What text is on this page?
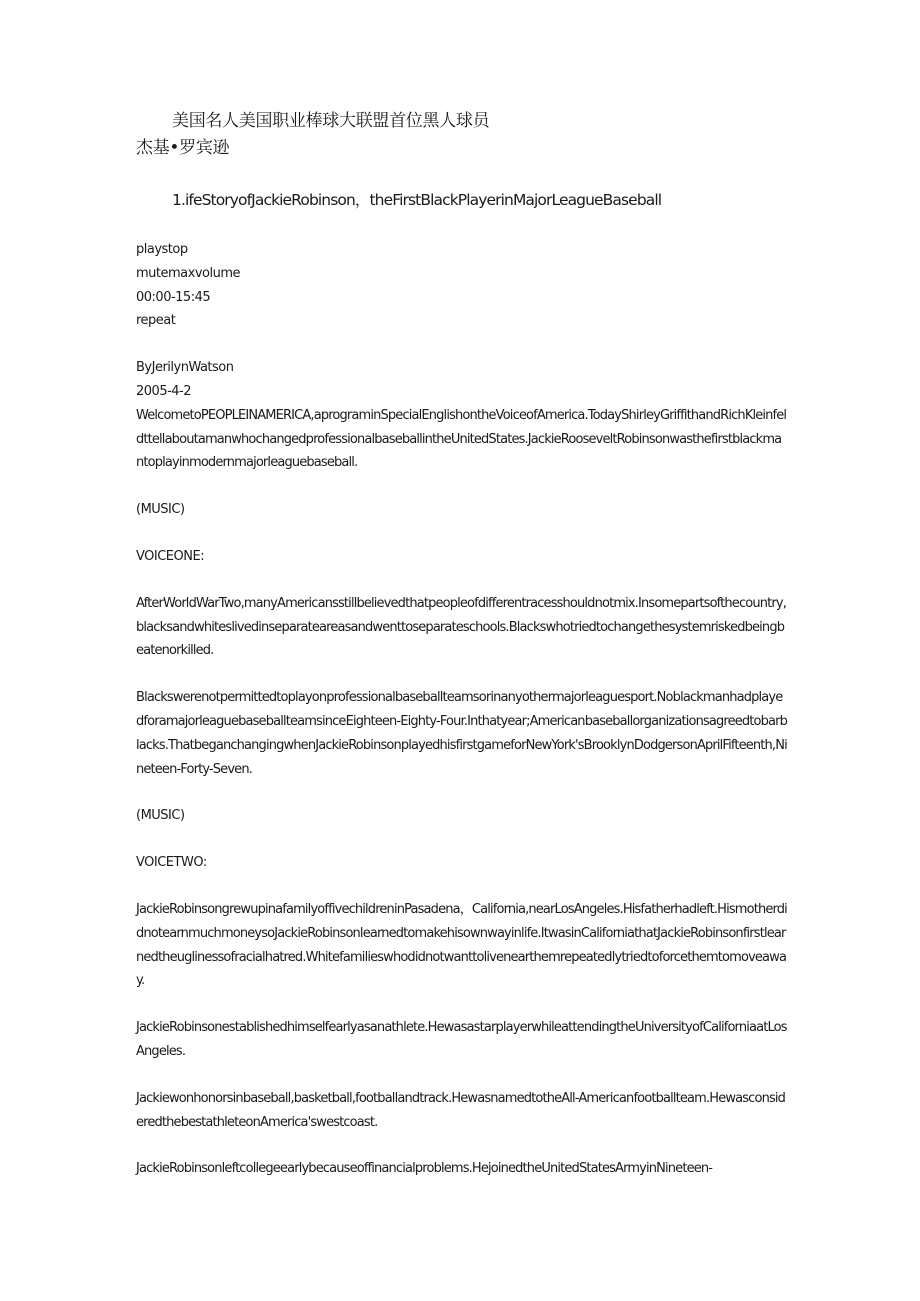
美国名人美国职业棒球大联盟首位黑人球员
杰基•罗宾逊
1.ifeStoryofJackieRobinson，theFirstBlackPlayerinMajorLeagueBaseball
playstop
mutemaxvolume
00:00-15:45
repeat
ByJerilynWatson
2005-4-2
WelcometoPEOPLEINAMERICA,aprograminSpecialEnglishontheVoiceofAmerica.TodayShirleyGriffithandRichKleinfeldttellaboutamanwhochangedprofessionalbaseballintheUnitedStates.JackieRooseveltRobinsonwasthefirstblackmantoplayinmodernmajorleaguebaseball.
(MUSIC)
VOICEONE:
AfterWorldWarTwo,manyAmericansstillbelievedthatpeopleofdifferentracesshouldnotmix.Insomepartsofthecountry,blacksandwhiteslivedinseparateareasandwenttoseparateschools.Blackswhotriedtochangethesystemriskedbeingbeatenorkilled.
Blackswerenotpermittedtoplayonprofessionalbaseballteamsorinanyothermajorleaguesport.NoblackmanhadplayedforamajorleaguebaseballteamsinceEighteen-Eighty-Four.Inthatyear;Americanbaseballorganizationsagreedtobarblacks.ThatbeganchangingwhenJackieRobinsonplayedhisfirstgameforNewYork'sBrooklynDodgersonAprilFifteenth,Nineteen-Forty-Seven.
(MUSIC)
VOICETWO:
JackieRobinsongrewupinafamilyoffivechildreninPasadena，California,nearLosAngeles.Hisfatherhadleft.HismotherdidnotearnmuchmoneysoJackieRobinsonlearnedtomakehisownwayinlife.ItwasinCaliforniathatJackieRobinsonfirstlearnedtheuglinessofracialhatred.Whitefamilieswhodidnotwanttolivenearthemrepeatedlytriedtoforcethemtomoveaway.
JackieRobinsonestablishedhimselfearlyasanathlete.HewasastarplayerwhileattendingtheUniversityofCaliforniaatLosAngeles.
Jackiewonhonorsinbaseball,basketball,footballandtrack.HewasnamedtotheAll-Americanfootballteam.HewasconsideredthebestathleteonAmerica'swestcoast.
JackieRobinsonleftcollegeearlybecauseoffinancialproblems.HejoinedtheUnitedStatesArmyinNineteen-
